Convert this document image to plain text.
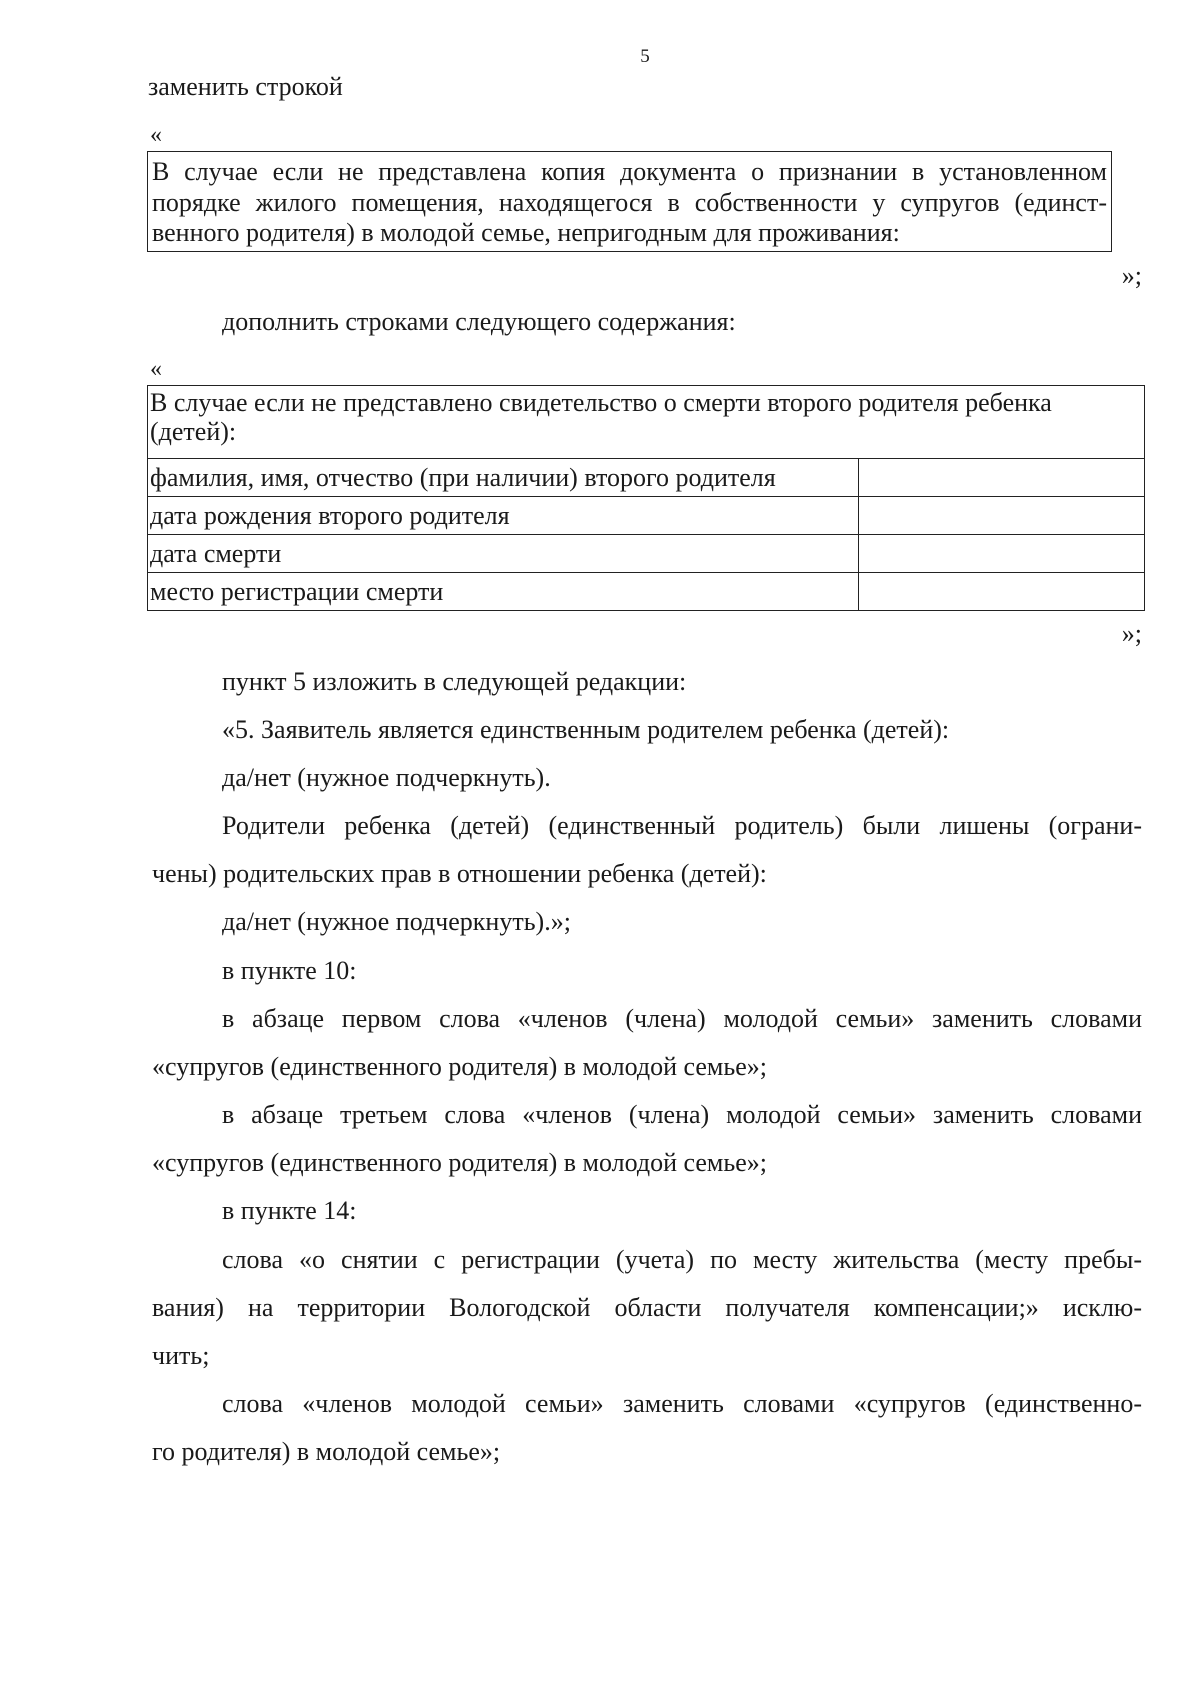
5
заменить строкой
«
В случае если не представлена копия документа о признании в установленном
порядке жилого помещения, находящегося в собственности у супругов (единст-
венного родителя) в молодой семье, непригодным для проживания:
»;
дополнить строками следующего содержания:
«
В случае если не представлено свидетельство о смерти второго родителя ребенка
(детей):	

фамилия, имя, отчество (при наличии) второго родителя	
дата рождения второго родителя	
дата смерти	
место регистрации смерти	
»;
пункт 5 изложить в следующей редакции:
«5. Заявитель является единственным родителем ребенка (детей):
да/нет (нужное подчеркнуть).
Родители ребенка (детей) (единственный родитель) были лишены (ограни-
чены) родительских прав в отношении ребенка (детей):
да/нет (нужное подчеркнуть).»;
в пункте 10:
в абзаце первом слова «членов (члена) молодой семьи» заменить словами
«супругов (единственного родителя) в молодой семье»;
в абзаце третьем слова «членов (члена) молодой семьи» заменить словами
«супругов (единственного родителя) в молодой семье»;
в пункте 14:
слова «о снятии с регистрации (учета) по месту жительства (месту пребы-
вания) на территории Вологодской области получателя компенсации;» исклю-
чить;
слова «членов молодой семьи» заменить словами «супругов (единственно-
го родителя) в молодой семье»;
